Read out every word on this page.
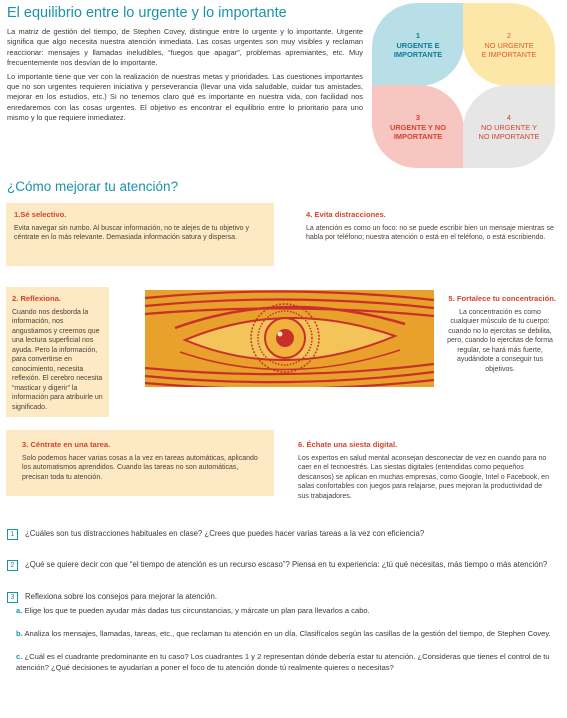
El equilibrio entre lo urgente y lo importante

La matriz de gestión del tiempo, de Stephen Covey, distingue entre lo urgente y lo importante. Urgente significa que algo necesita nuestra atención inmediata. Las cosas urgentes son muy visibles y reclaman reaccionar: mensajes y llamadas ineludibles, “fuegos que apagar”, problemas apremiantes, etc. Muy frecuentemente nos desvían de lo importante.

Lo importante tiene que ver con la realización de nuestras metas y prioridades. Las cuestiones importantes que no son urgentes requieren iniciativa y perseverancia (llevar una vida saludable, cuidar tus amistades, mejorar en los estudios, etc.) Si no tenemos claro qué es importante en nuestra vida, con facilidad nos enredaremos con las cosas urgentes. El objetivo es encontrar el equilibrio entre lo prioritario para uno mismo y lo que requiere inmediatez.

1
URGENTE E
IMPORTANTE
2
NO URGENTE
E IMPORTANTE
3
URGENTE Y NO
IMPORTANTE
4
NO URGENTE Y
NO IMPORTANTE
¿Cómo mejorar tu atención?
1.Sé selectivo.

Evita navegar sin rumbo. Al buscar información, no te alejes de tu objetivo y céntrate en lo más relevante. Demasiada información satura y dispersa.

4. Evita distracciones.

La atención es como un foco: no se puede escribir bien un mensaje mientras se habla por teléfono; nuestra atención o está en el teléfono, o está escribiendo.

2. Reflexiona.

Cuando nos desborda la información, nos angustiamos y creemos que una lectura superficial nos ayuda. Pero la información, para convertirse en conocimiento, necesita reflexión. El cerebro necesita “masticar y digerir” la información para atribuirle un significado.

5. Fortalece tu concentración.

La concentración es como cualquier músculo de tu cuerpo: cuando no lo ejercitas se debilita, pero, cuando lo ejercitas de forma regular, se hará más fuerte, ayudándote a conseguir tus objetivos.

3. Céntrate en una tarea.

Solo podemos hacer varias cosas a la vez en tareas automáticas, aplicando los automatismos aprendidos. Cuando las tareas no son automáticas, precisan toda tu atención.

6. Échate una siesta digital.

Los expertos en salud mental aconsejan desconectar de vez en cuando para no caer en el tecnoestrés. Las siestas digitales (entendidas como pequeños descansos) se aplican en muchas empresas, como Google, Intel o Facebook, en salas confortables con juegos para relajarse, pues mejoran la productividad de sus trabajadores.

1	¿Cuáles son tus distracciones habituales en clase? ¿Crees que puedes hacer varias tareas a la vez con eficiencia?
2	¿Qué se quiere decir con que “el tiempo de atención es un recurso escaso”? Piensa en tu experiencia: ¿tú qué necesitas, más tiempo o más atención?
3	Reflexiona sobre los consejos para mejorar la atención.
a. Elige los que te pueden ayudar más dadas tus circunstancias, y márcate un plan para llevarlos a cabo.
b. Analiza los mensajes, llamadas, tareas, etc., que reclaman tu atención en un día. Clasifícalos según las casillas de la gestión del tiempo, de Stephen Covey.
c. ¿Cuál es el cuadrante predominante en tu caso? Los cuadrantes 1 y 2 representan dónde debería estar tu atención. ¿Consideras que tienes el control de tu atención? ¿Qué decisiones te ayudarían a poner el foco de tu atención donde tú realmente quieres o necesitas?
